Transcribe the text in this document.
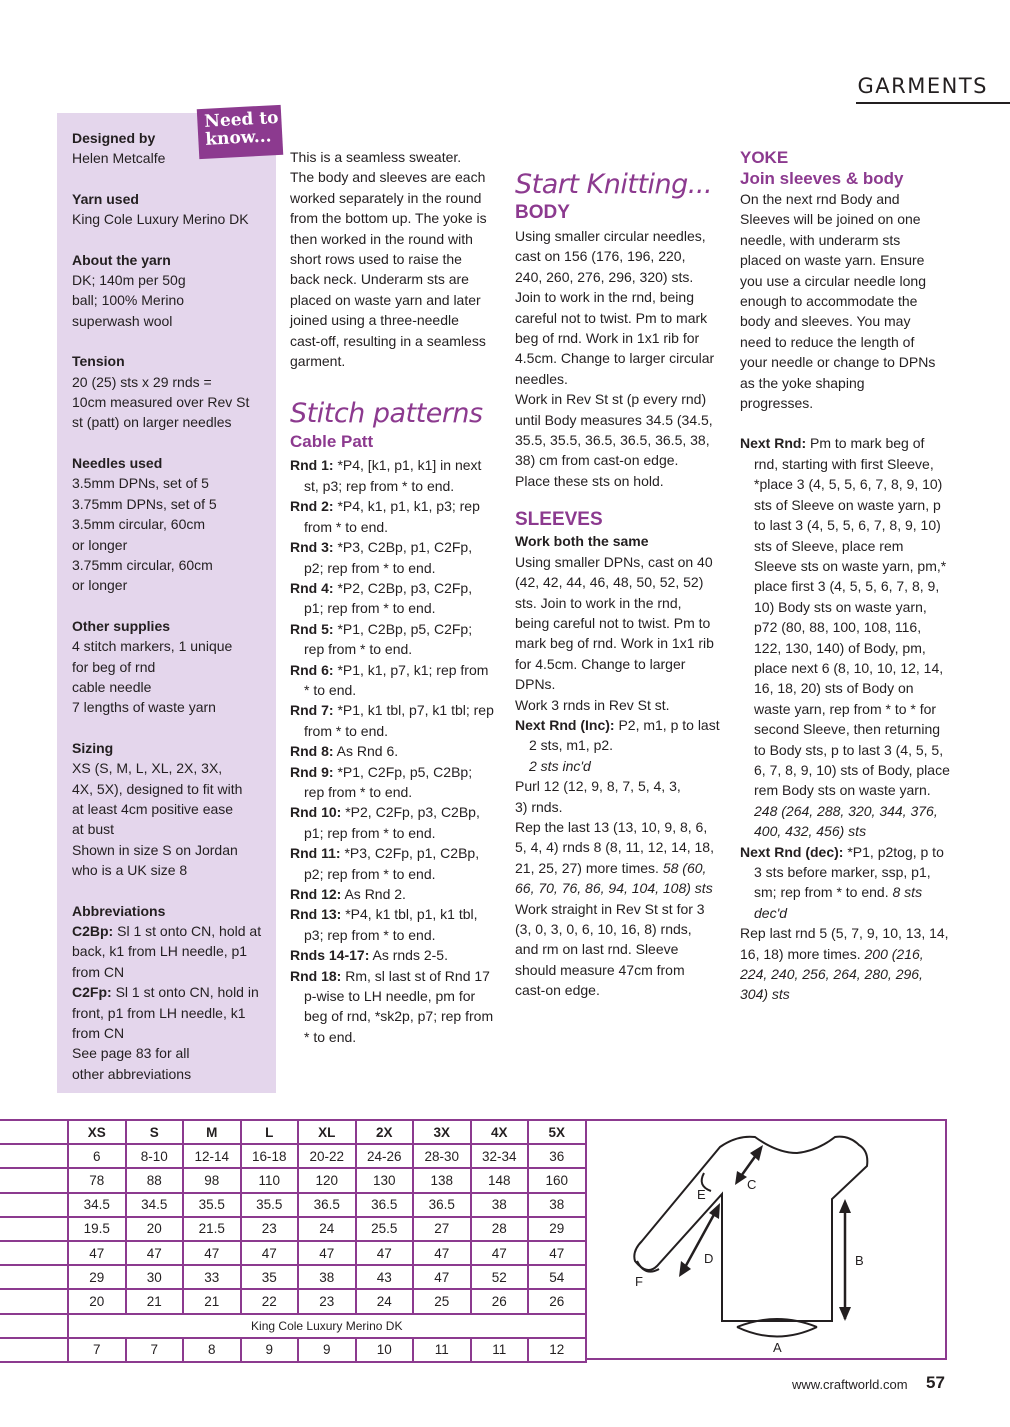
GARMENTS
Designed by
Helen Metcalfe
Yarn used
King Cole Luxury Merino DK
About the yarn
DK; 140m per 50g
ball; 100% Merino
superwash wool
Tension
20 (25) sts x 29 rnds =
10cm measured over Rev St
st (patt) on larger needles
Needles used
3.5mm DPNs, set of 5
3.75mm DPNs, set of 5
3.5mm circular, 60cm
or longer
3.75mm circular, 60cm
or longer
Other supplies
4 stitch markers, 1 unique
for beg of rnd
cable needle
7 lengths of waste yarn
Sizing
XS (S, M, L, XL, 2X, 3X,
4X, 5X), designed to fit with
at least 4cm positive ease
at bust
Shown in size S on Jordan
who is a UK size 8
Abbreviations
C2Bp: Sl 1 st onto CN, hold at back, k1 from LH needle, p1 from CN
C2Fp: Sl 1 st onto CN, hold in front, p1 from LH needle, k1 from CN
See page 83 for all other abbreviations
Need to know...

This is a seamless sweater. The body and sleeves are each worked separately in the round from the bottom up. The yoke is then worked in the round with short rows used to raise the back neck. Underarm sts are placed on waste yarn and later joined using a three-needle cast-off, resulting in a seamless garment.

Stitch patterns
Cable Patt

Rnd 1: *P4, [k1, p1, k1] in next st, p3; rep from * to end.

Rnd 2: *P4, k1, p1, k1, p3; rep from * to end.

Rnd 3: *P3, C2Bp, p1, C2Fp, p2; rep from * to end.

Rnd 4: *P2, C2Bp, p3, C2Fp, p1; rep from * to end.

Rnd 5: *P1, C2Bp, p5, C2Fp; rep from * to end.

Rnd 6: *P1, k1, p7, k1; rep from * to end.

Rnd 7: *P1, k1 tbl, p7, k1 tbl; rep from * to end.

Rnd 8: As Rnd 6.

Rnd 9: *P1, C2Fp, p5, C2Bp; rep from * to end.

Rnd 10: *P2, C2Fp, p3, C2Bp, p1; rep from * to end.

Rnd 11: *P3, C2Fp, p1, C2Bp, p2; rep from * to end.

Rnd 12: As Rnd 2.

Rnd 13: *P4, k1 tbl, p1, k1 tbl, p3; rep from * to end.

Rnds 14-17: As rnds 2-5.

Rnd 18: Rm, sl last st of Rnd 17 p-wise to LH needle, pm for beg of rnd, *sk2p, p7; rep from * to end.

Start Knitting...
BODY

Using smaller circular needles, cast on 156 (176, 196, 220, 240, 260, 276, 296, 320) sts. Join to work in the rnd, being careful not to twist. Pm to mark beg of rnd. Work in 1x1 rib for 4.5cm. Change to larger circular needles.

Work in Rev St st (p every rnd) until Body measures 34.5 (34.5, 35.5, 35.5, 36.5, 36.5, 36.5, 38, 38) cm from cast-on edge.

Place these sts on hold.

SLEEVES
Work both the same

Using smaller DPNs, cast on 40 (42, 42, 44, 46, 48, 50, 52, 52) sts. Join to work in the rnd, being careful not to twist. Pm to mark beg of rnd. Work in 1x1 rib for 4.5cm. Change to larger DPNs.

Work 3 rnds in Rev St st.

Next Rnd (Inc): P2, m1, p to last 2 sts, m1, p2.

2 sts inc'd

Purl 12 (12, 9, 8, 7, 5, 4, 3, 3) rnds.

Rep the last 13 (13, 10, 9, 8, 6, 5, 4, 4) rnds 8 (8, 11, 12, 14, 18, 21, 25, 27) more times. 58 (60, 66, 70, 76, 86, 94, 104, 108) sts

Work straight in Rev St st for 3 (3, 0, 3, 0, 6, 10, 16, 8) rnds, and rm on last rnd. Sleeve should measure 47cm from cast-on edge.

YOKE
Join sleeves & body

On the next rnd Body and Sleeves will be joined on one needle, with underarm sts placed on waste yarn. Ensure you use a circular needle long enough to accommodate the body and sleeves. You may need to reduce the length of your needle or change to DPNs as the yoke shaping progresses.

Next Rnd: Pm to mark beg of rnd, starting with first Sleeve, *place 3 (4, 5, 5, 6, 7, 8, 9, 10) sts of Sleeve on waste yarn, p to last 3 (4, 5, 5, 6, 7, 8, 9, 10) sts of Sleeve, place rem Sleeve sts on waste yarn, pm,* place first 3 (4, 5, 5, 6, 7, 8, 9, 10) Body sts on waste yarn, p72 (80, 88, 100, 108, 116, 122, 130, 140) of Body, pm, place next 6 (8, 10, 10, 12, 14, 16, 18, 20) sts of Body on waste yarn, rep from * to * for second Sleeve, then returning to Body sts, p to last 3 (4, 5, 5, 6, 7, 8, 9, 10) sts of Body, place rem Body sts on waste yarn. 248 (264, 288, 320, 344, 376, 400, 432, 456) sts

Next Rnd (dec): *P1, p2tog, p to 3 sts before marker, ssp, p1, sm; rep from * to end. 8 sts dec'd

Rep last rnd 5 (5, 7, 9, 10, 13, 14, 16, 18) more times. 200 (216, 224, 240, 256, 264, 280, 296, 304) sts

	XS	S	M	L	XL	2X	3X	4X	5X
	6	8-10	12-14	16-18	20-22	24-26	28-30	32-34	36
	78	88	98	110	120	130	138	148	160
	34.5	34.5	35.5	35.5	36.5	36.5	36.5	38	38
	19.5	20	21.5	23	24	25.5	27	28	29
	47	47	47	47	47	47	47	47	47
	29	30	33	35	38	43	47	52	54
	20	21	21	22	23	24	25	26	26
	King Cole Luxury Merino DK								
	7	7	8	9	9	10	11	11	12	A
B
C
D
E
F
www.craftworld.com 57
